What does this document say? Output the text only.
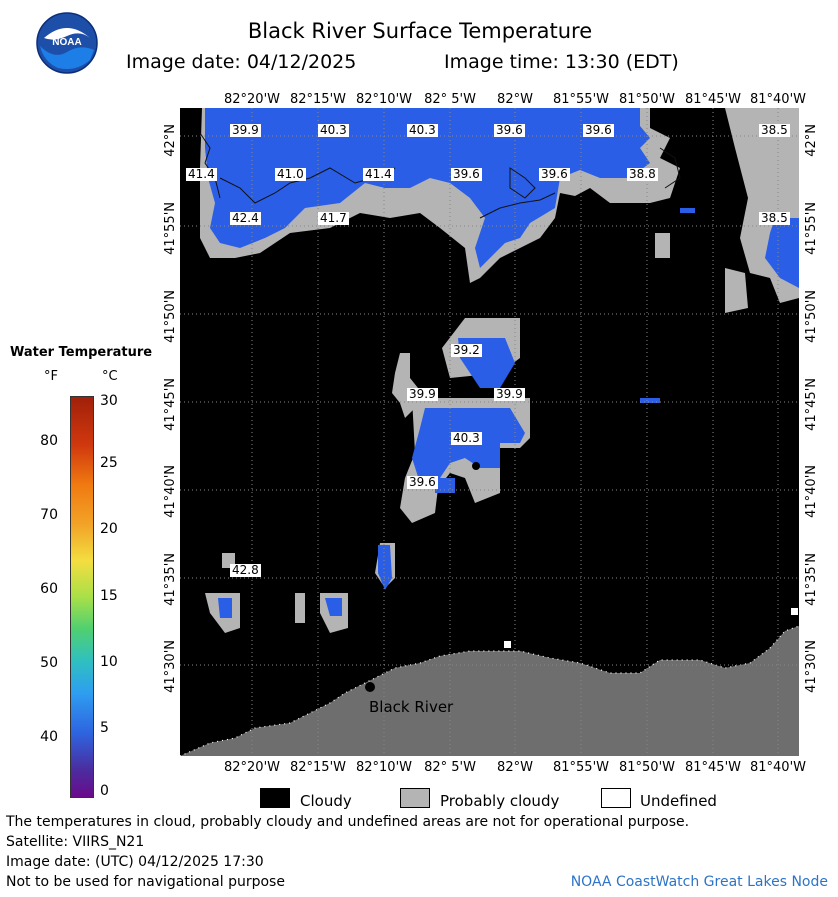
NOAA	Black River Surface Temperature
Image date: 04/12/2025	Image time: 13:30 (EDT)
82°20'W 82°15'W 82°10'W 82° 5'W	82°W	81°55'W 81°50'W 81°45'W 81°40'W
82°20'W 82°15'W 82°10'W 82° 5'W	82°W	81°55'W 81°50'W 81°45'W 81°40'W
42°N
41°55'N
41°50'N
41°45'N
41°40'N
41°35'N
41°30'N
42°N
41°55'N
41°50'N
41°45'N
41°40'N
41°35'N
41°30'N
39.9	40.3	40.3	39.6	39.6	38.5
41.4	41.0	41.4	39.6	39.6	38.8
42.4	41.7	38.5
39.2
39.9	39.9
40.3
39.6
42.8
Black River
Water Temperature
°F	°C
80
70
60
50
40
30
25
20
15
10
5
0
Cloudy	Probably cloudy	Undefined
The temperatures in cloud, probably cloudy and undefined areas are not for operational purpose.
Satellite: VIIRS_N21
Image date: (UTC) 04/12/2025 17:30
Not to be used for navigational purpose	NOAA CoastWatch Great Lakes Node
